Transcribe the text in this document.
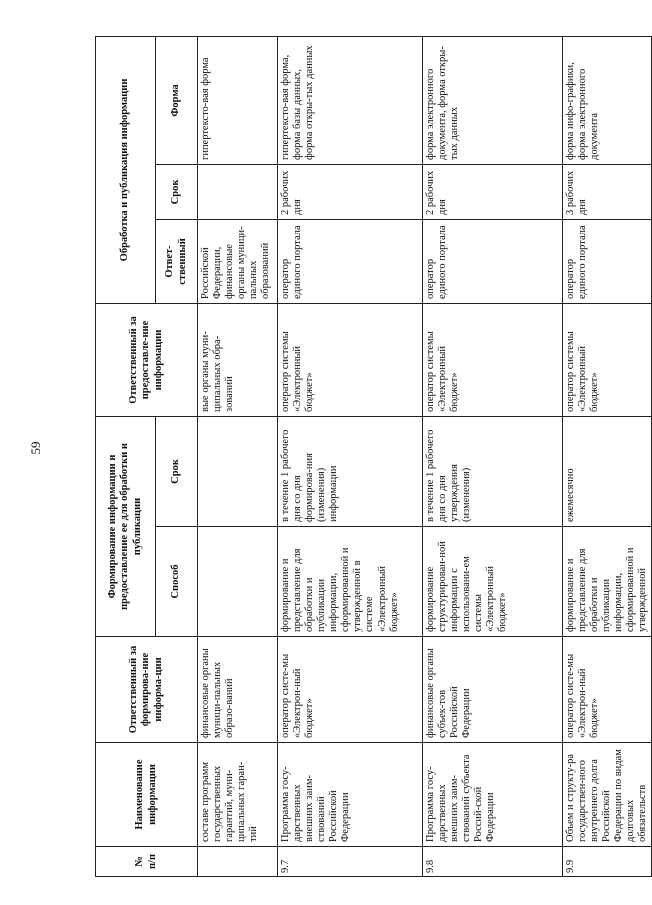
59
№ п/п	Наименование информации	Ответственный за формирова-ние информа-ции	Формирование информации и предоставление ее для обработки и публикации		Ответственный за предоставле-ние информации	Обработка и публикация информации		
			Способ	Срок		Ответ-ственный	Срок	Форма
	составе программ государственных гарантий, муни-ципальных гаран-тий	финансовые органы муници-пальных образо-ваний			вые органы муни-ципальных обра-зований	Российской Федерации, финансовые органы муници-пальных образований		гипертексто-вая форма
9.7	Программа госу-дарственных внешних заим-ствований Российской Федерации	оператор систе-мы «Электрон-ный бюджет»	формирование и представление для обработки и публикации информации, сформированной и утвержденной в системе «Электронный бюджет»	в течение 1 рабочего дня со дня формирова-ния (изменения) информации	оператор системы «Электронный бюджет»	оператор единого портала	2 рабочих дня	гипертексто-вая форма, форма базы данных, форма откры-тых данных
9.8	Программа госу-дарственных внешних заим-ствований субъекта Россий-ской Федерации	финансовые органы субъек-тов Российской Федерации	формирование структурирован-ной информации с использовани-ем системы «Электронный бюджет»	в течение 1 рабочего дня со дня утверждения (изменения)	оператор системы «Электронный бюджет»	оператор единого портала	2 рабочих дня	форма электронного документа, форма откры-тых данных
9.9	Объем и структу-ра государствен-ного внутреннего долга Российской Федерации по видам долговых обязательств	оператор систе-мы «Электрон-ный бюджет»	формирование и представление для обработки и публикации информации, сформированной и утвержденной	ежемесячно	оператор системы «Электронный бюджет»	оператор единого портала	3 рабочих дня	форма инфо-графики, форма электронного документа
